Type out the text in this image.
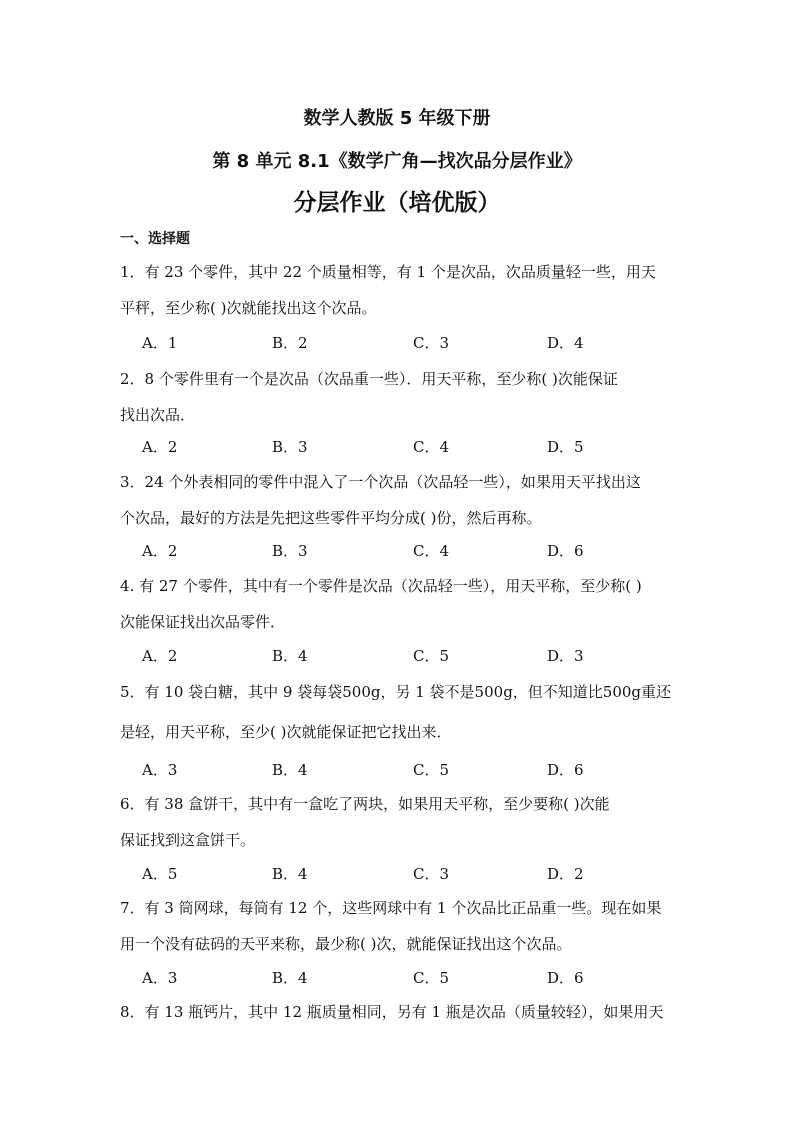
数学人教版 5 年级下册
第 8 单元 8.1《数学广角—找次品分层作业》
分层作业（培优版）
一、选择题
1．有 23 个零件，其中 22 个质量相等，有 1 个是次品，次品质量轻一些，用天
平秤，至少称( )次就能找出这个次品。
A．1	B．2	C．3	D．4
2．8 个零件里有一个是次品（次品重一些）．用天平称，至少称( )次能保证
找出次品．
A．2	B．3	C．4	D．5
3．24 个外表相同的零件中混入了一个次品（次品轻一些），如果用天平找出这
个次品，最好的方法是先把这些零件平均分成( )份，然后再称。
A．2	B．3	C．4	D．6
4. 有 27 个零件，其中有一个零件是次品（次品轻一些），用天平称，至少称( )
次能保证找出次品零件．
A．2	B．4	C．5	D．3
5．有 10 袋白糖，其中 9 袋每袋500g，另 1 袋不是500g，但不知道比500g重还
是轻，用天平称，至少( )次就能保证把它找出来．
A．3	B．4	C．5	D．6
6．有 38 盒饼干，其中有一盒吃了两块，如果用天平称，至少要称( )次能
保证找到这盒饼干。
A．5	B．4	C．3	D．2
7．有 3 筒网球，每筒有 12 个，这些网球中有 1 个次品比正品重一些。现在如果
用一个没有砝码的天平来称，最少称( )次，就能保证找出这个次品。
A．3	B．4	C．5	D．6
8．有 13 瓶钙片，其中 12 瓶质量相同，另有 1 瓶是次品（质量较轻），如果用天
